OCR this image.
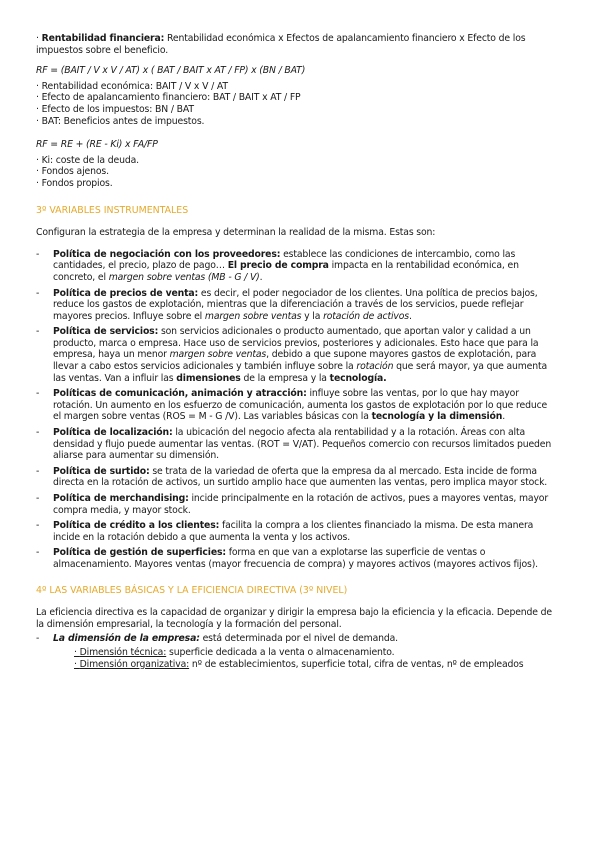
· Rentabilidad financiera: Rentabilidad económica x Efectos de apalancamiento financiero x Efecto de los impuestos sobre el beneficio.

RF = (BAIT / V x V / AT) x ( BAT / BAIT x AT / FP) x (BN / BAT)

· Rentabilidad económica: BAIT / V x V / AT

· Efecto de apalancamiento financiero: BAT / BAIT x AT / FP

· Efecto de los impuestos: BN / BAT

· BAT: Beneficios antes de impuestos.

RF = RE + (RE - Ki) x FA/FP

· Ki: coste de la deuda.

· Fondos ajenos.

· Fondos propios.

3º VARIABLES INSTRUMENTALES

Configuran la estrategia de la empresa y determinan la realidad de la misma. Estas son:

- Política de negociación con los proveedores: establece las condiciones de intercambio, como las cantidades, el precio, plazo de pago… El precio de compra impacta en la rentabilidad económica, en concreto, el margen sobre ventas (MB - G / V).
- Política de precios de venta: es decir, el poder negociador de los clientes. Una política de precios bajos, reduce los gastos de explotación, mientras que la diferenciación a través de los servicios, puede reflejar mayores precios. Influye sobre el margen sobre ventas y la rotación de activos.
- Política de servicios: son servicios adicionales o producto aumentado, que aportan valor y calidad a un producto, marca o empresa. Hace uso de servicios previos, posteriores y adicionales. Esto hace que para la empresa, haya un menor margen sobre ventas, debido a que supone mayores gastos de explotación, para llevar a cabo estos servicios adicionales y también influye sobre la rotación que será mayor, ya que aumenta las ventas. Van a influir las dimensiones de la empresa y la tecnología.
- Políticas de comunicación, animación y atracción: influye sobre las ventas, por lo que hay mayor rotación. Un aumento en los esfuerzo de comunicación, aumenta los gastos de explotación por lo que reduce el margen sobre ventas (ROS = M - G /V). Las variables básicas con la tecnología y la dimensión.
- Política de localización: la ubicación del negocio afecta ala rentabilidad y a la rotación. Áreas con alta densidad y flujo puede aumentar las ventas. (ROT = V/AT). Pequeños comercio con recursos limitados pueden aliarse para aumentar su dimensión.
- Política de surtido: se trata de la variedad de oferta que la empresa da al mercado. Esta incide de forma directa en la rotación de activos, un surtido amplio hace que aumenten las ventas, pero implica mayor stock.
- Política de merchandising: incide principalmente en la rotación de activos, pues a mayores ventas, mayor compra media, y mayor stock.
- Política de crédito a los clientes: facilita la compra a los clientes financiado la misma. De esta manera incide en la rotación debido a que aumenta la venta y los activos.
- Política de gestión de superficies: forma en que van a explotarse las superficie de ventas o almacenamiento. Mayores ventas (mayor frecuencia de compra) y mayores activos (mayores activos fijos).

4º LAS VARIABLES BÁSICAS Y LA EFICIENCIA DIRECTIVA (3º NIVEL)

La eficiencia directiva es la capacidad de organizar y dirigir la empresa bajo la eficiencia y la eficacia. Depende de la dimensión empresarial, la tecnología y la formación del personal.

- La dimensión de la empresa: está determinada por el nivel de demanda.

· Dimensión técnica: superficie dedicada a la venta o almacenamiento.

· Dimensión organizativa: nº de establecimientos, superficie total, cifra de ventas, nº de empleados
